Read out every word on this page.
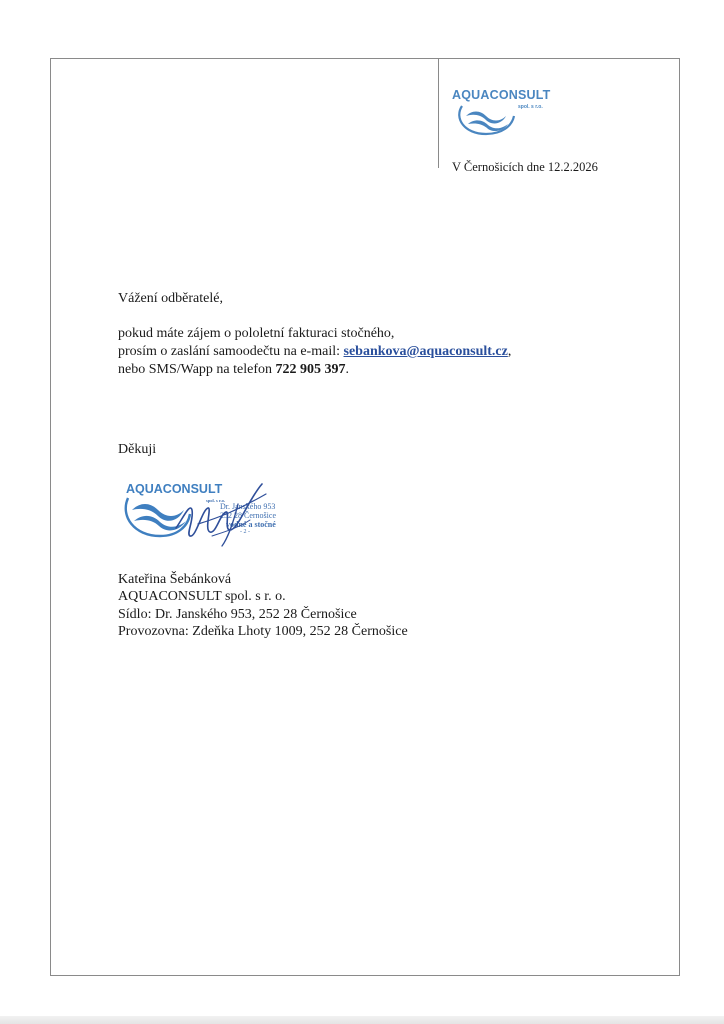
AQUACONSULT
spol. s r.o.
V Černošicích dne 12.2.2026
Vážení odběratelé,
pokud máte zájem o pololetní fakturaci stočného,
prosím o zaslání samoodečtu na e-mail: sebankova@aquaconsult.cz,
nebo SMS/Wapp na telefon 722 905 397.
Děkuji
AQUACONSULT
spol. s r.o.
Dr. Janského 953
252 28 Černošice
vodné a stočné
- 2 -
Kateřina Šebánková
AQUACONSULT spol. s r. o.
Sídlo: Dr. Janského 953, 252 28 Černošice
Provozovna: Zdeňka Lhoty 1009, 252 28 Černošice
